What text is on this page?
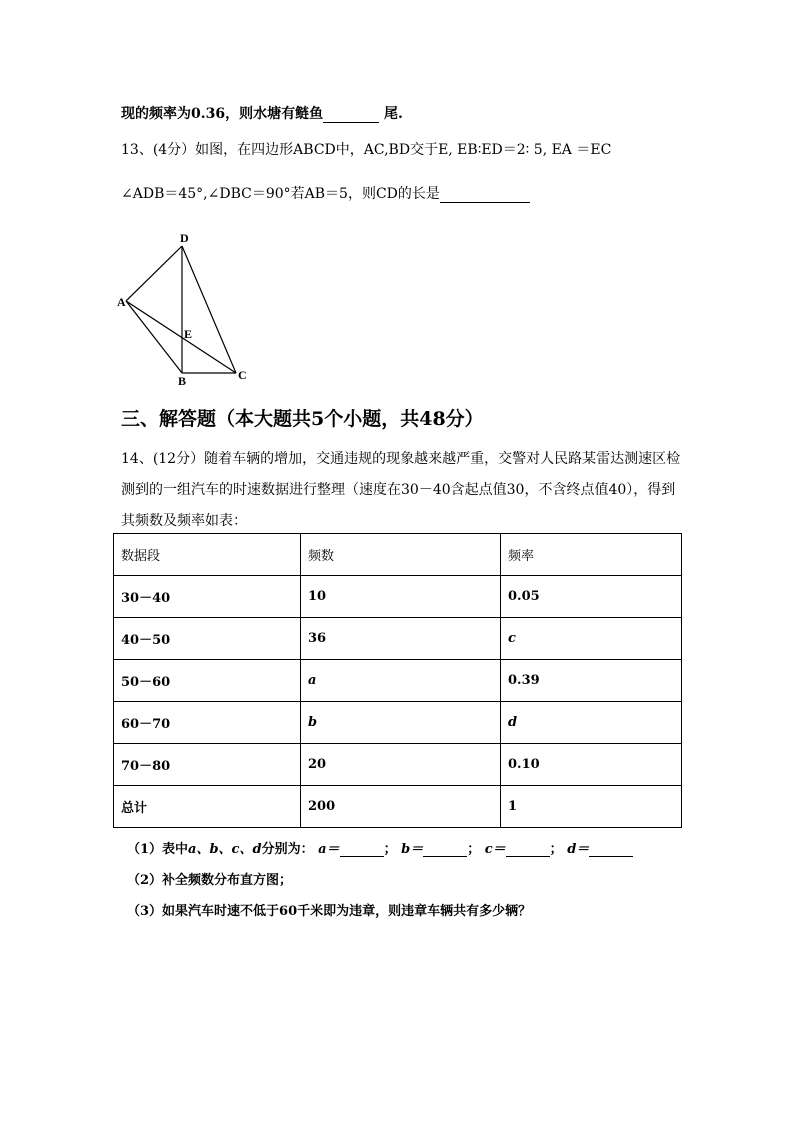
现的频率为0.36，则水塘有鲢鱼	尾.
13、(4分）如图，在四边形ABCD中，AC,BD交于E, EB∶ED＝2∶ 5, EA ＝EC
∠ADB＝45°,∠DBC＝90°若AB＝5，则CD的长是
D
A
E
B	C
三、解答题（本大题共5个小题，共48分）
14、(12分）随着车辆的增加，交通违规的现象越来越严重，交警对人民路某雷达测速区检
测到的一组汽车的时速数据进行整理（速度在30－40含起点值30，不含终点值40），得到
其频数及频率如表：
数据段	频数	频率
30－40	10	0.05
40－50	36	c
50－60	a	0.39
60－70	b	d
70－80	20	0.10
总计	200	1
（1）表中a、b、c、d分别为： a＝	； b＝	； c＝	； d＝
（2）补全频数分布直方图；
（3）如果汽车时速不低于60千米即为违章，则违章车辆共有多少辆？
